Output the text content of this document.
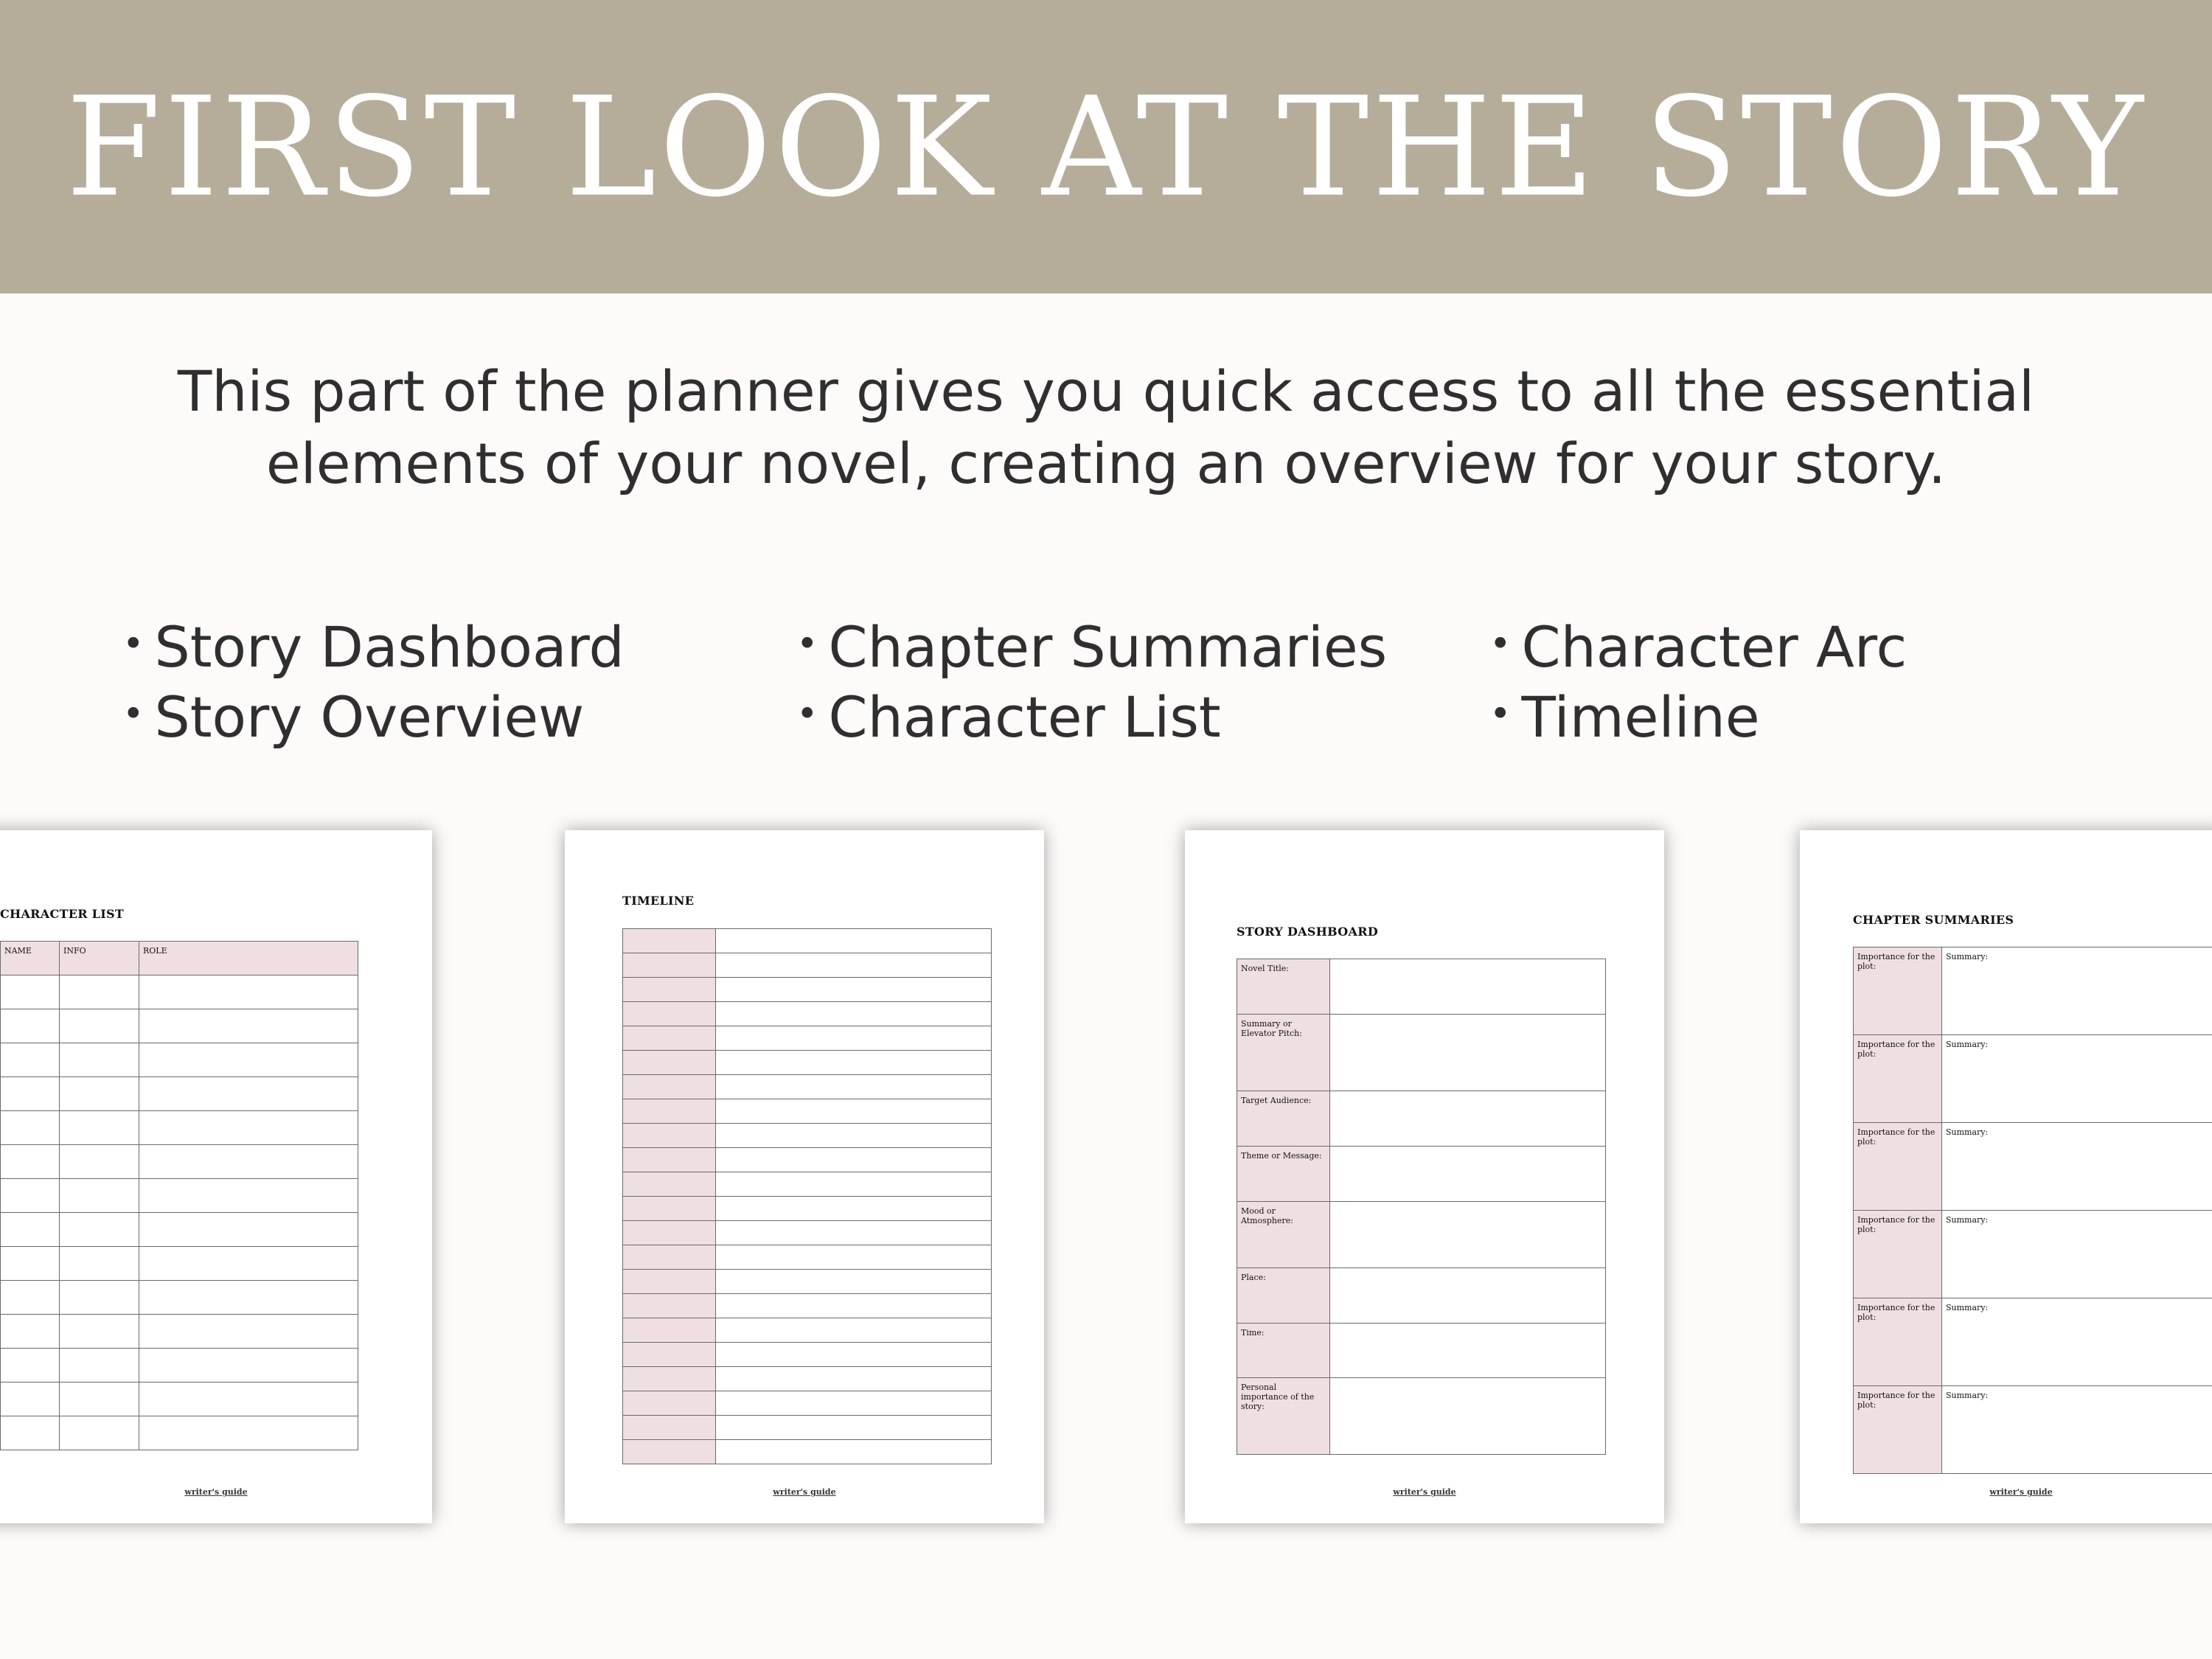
FIRST LOOK AT THE STORY
This part of the planner gives you quick access to all the essential
elements of your novel, creating an overview for your story.
• Story Dashboard
• Story Overview
• Chapter Summaries
• Character List
• Character Arc
• Timeline
CHARACTER LIST
NAME	INFO	ROLE

writer's guide
TIMELINE

writer's guide
STORY DASHBOARD
Novel Title:	
Summary or Elevator Pitch:	
Target Audience:	
Theme or Message:	
Mood or Atmosphere:	
Place:	
Time:	
Personal importance of the story:	
writer's guide
CHAPTER SUMMARIES
Importance for the plot:	Summary:
Importance for the plot:	Summary:
Importance for the plot:	Summary:
Importance for the plot:	Summary:
Importance for the plot:	Summary:
Importance for the plot:	Summary:
writer's guide
